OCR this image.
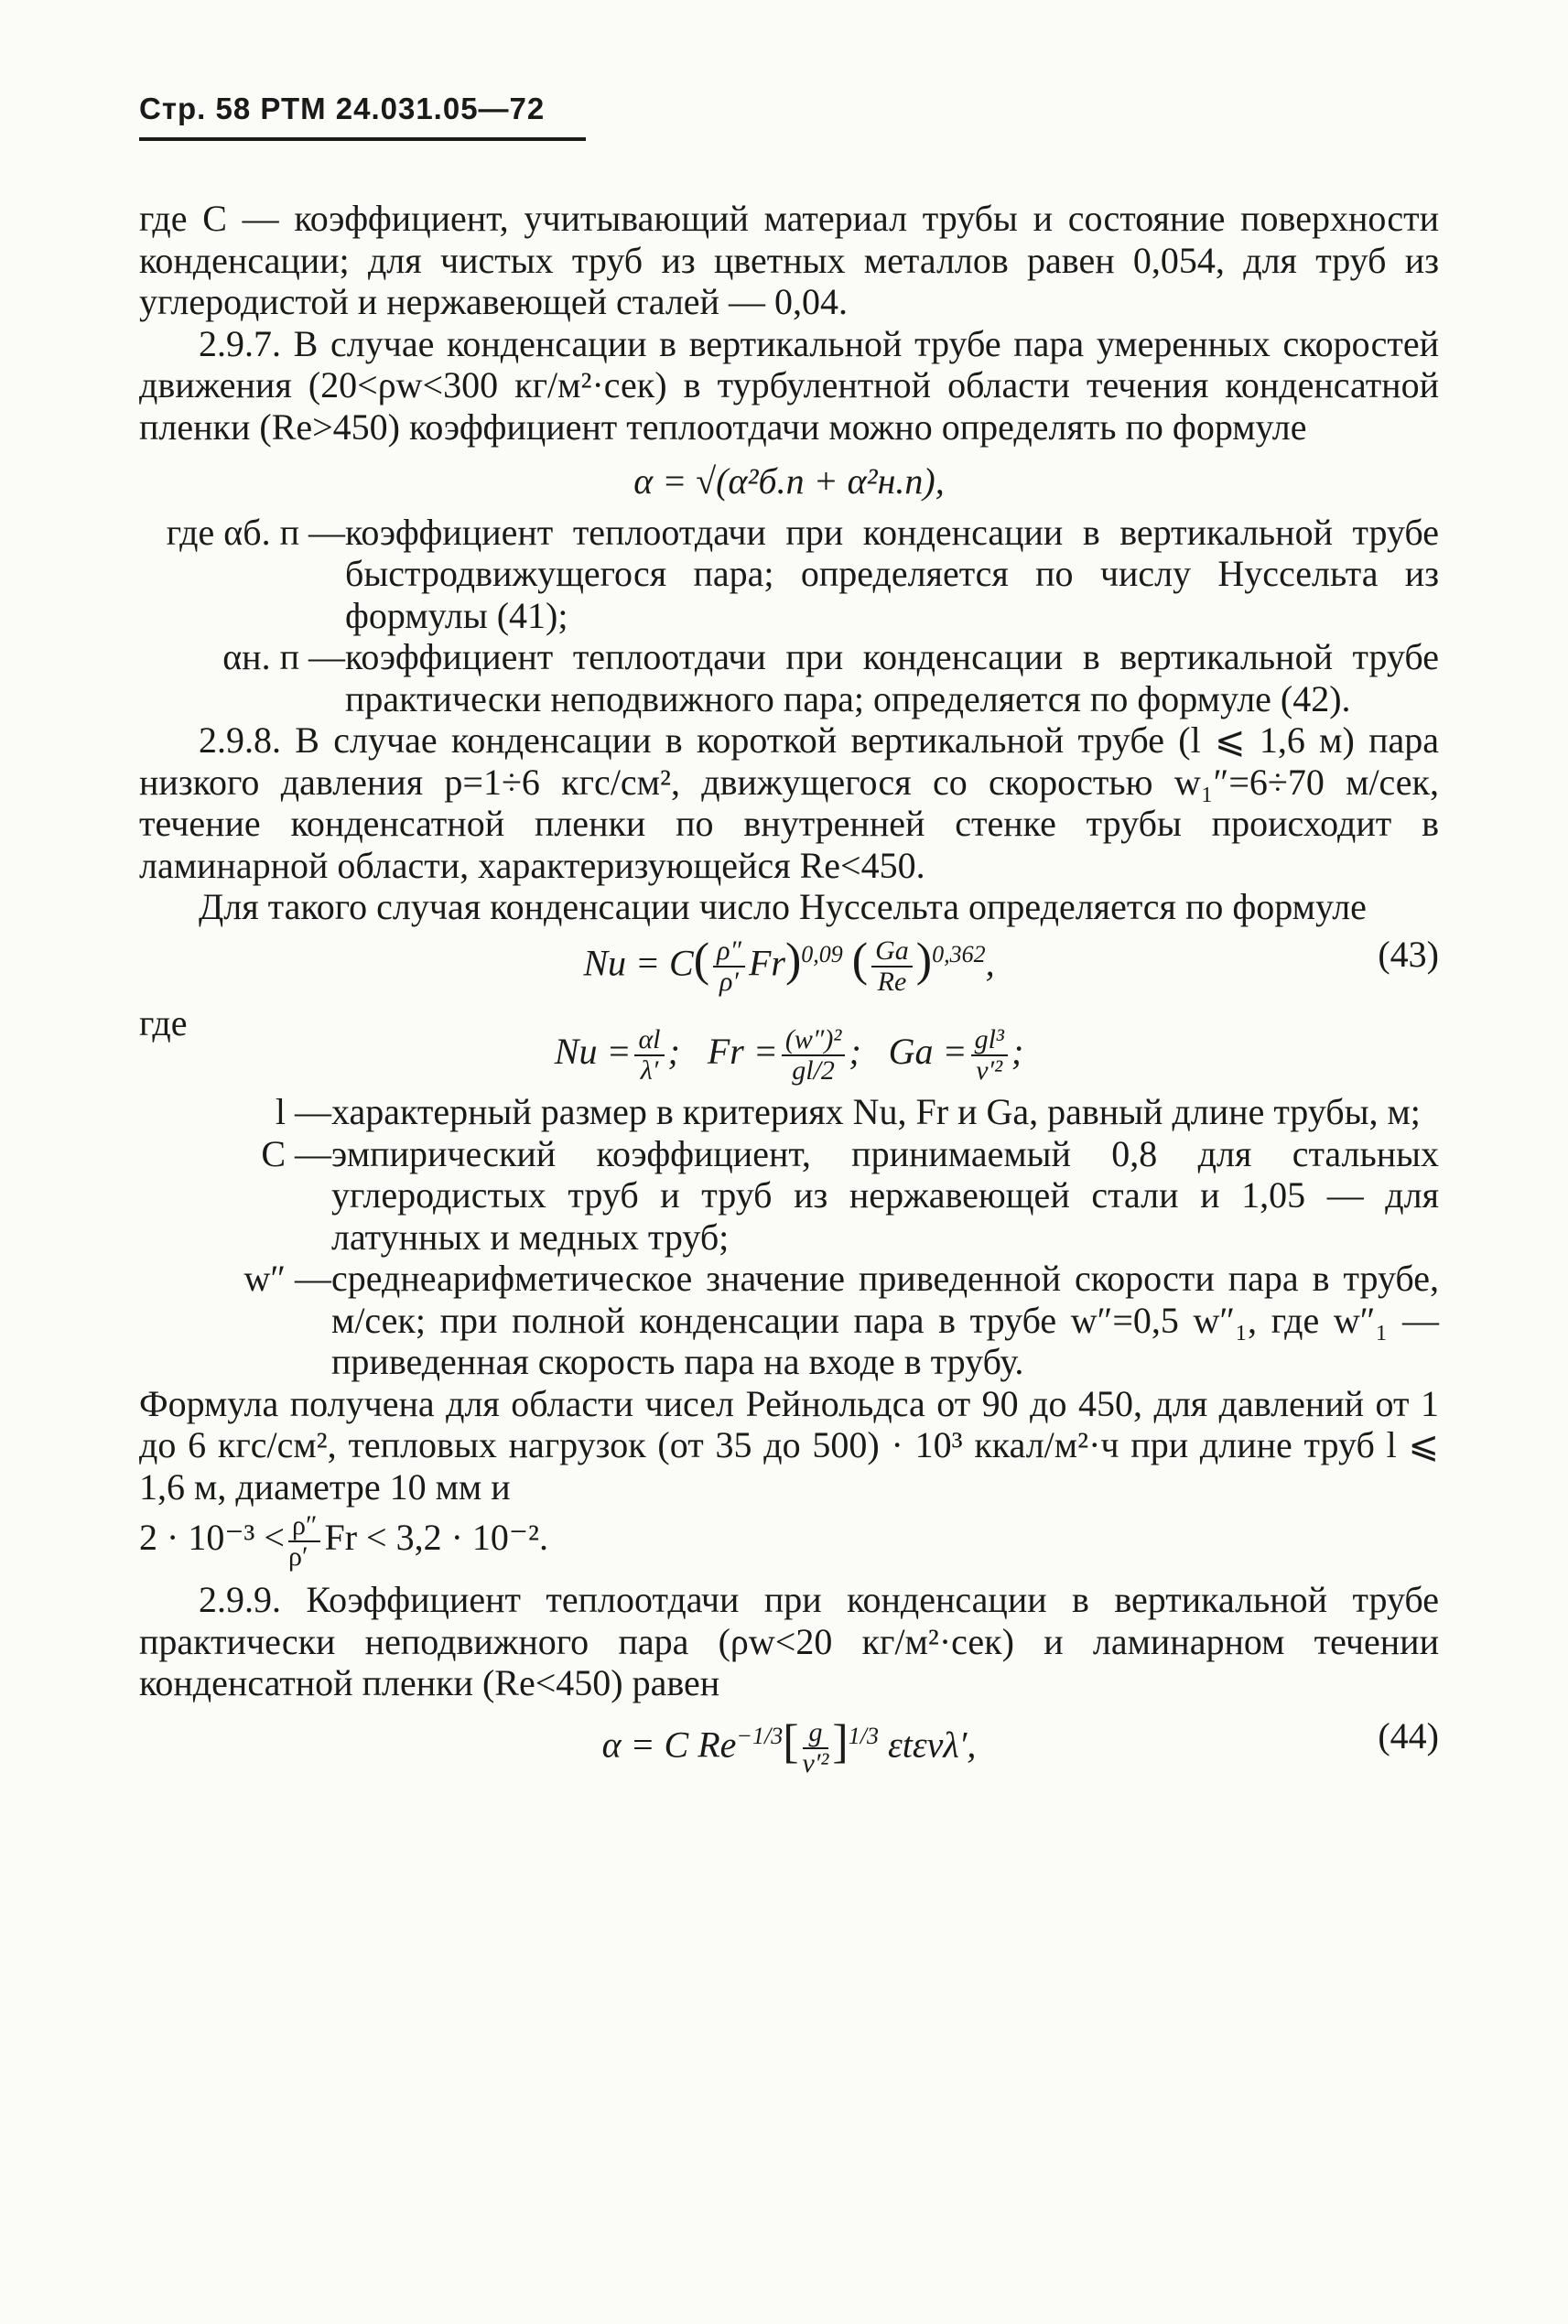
Стр. 58 РТМ 24.031.05—72

где C — коэффициент, учитывающий материал трубы и состояние поверхности конденсации; для чистых труб из цветных металлов равен 0,054, для труб из углеродистой и нержавеющей сталей — 0,04.

2.9.7. В случае конденсации в вертикальной трубе пара умеренных скоростей движения (20<ρw<300 кг/м²·сек) в турбулентной области течения конденсатной пленки (Re>450) коэффициент теплоотдачи можно определять по формуле

α = √(α²б.п + α²н.п),
где αб. п — коэффициент теплоотдачи при конденсации в вертикальной трубе быстродвижущегося пара; определяется по числу Нуссельта из формулы (41);
αн. п — коэффициент теплоотдачи при конденсации в вертикальной трубе практически неподвижного пара; определяется по формуле (42).

2.9.8. В случае конденсации в короткой вертикальной трубе (l ⩽ 1,6 м) пара низкого давления p=1÷6 кгс/см², движущегося со скоростью w₁″=6÷70 м/сек, течение конденсатной пленки по внутренней стенке трубы происходит в ламинарной области, характеризующейся Re<450.

Для такого случая конденсации число Нуссельта определяется по формуле

$Nu = C( \frac{\rho''}{\rho'} Fr)^{0,09}$ ( $\frac{Ga}{Re} )^{0,362}$,	(43)

где

$Nu = \frac{\alpha l}{\lambda'}$ ; $Fr = \frac{\text{(w″)²}}{gl/2}$ ; $Ga = \frac{\text{gl³}}{\text{ν′²}}$ ;
l — характерный размер в критериях Nu, Fr и Ga, равный длине трубы, м;
C — эмпирический коэффициент, принимаемый 0,8 для стальных углеродистых труб и труб из нержавеющей стали и 1,05 — для латунных и медных труб;
w″ — среднеарифметическое значение приведенной скорости пара в трубе, м/сек; при полной конденсации пара в трубе w″=0,5 w″₁, где w″₁ — приведенная скорость пара на входе в трубу.

Формула получена для области чисел Рейнольдса от 90 до 450, для давлений от 1 до 6 кгс/см², тепловых нагрузок (от 35 до 500) · 10³ ккал/м²·ч при длине труб l ⩽ 1,6 м, диаметре 10 мм и

$2 \cdot 10^{-3} < \frac{\rho''}{\rho'}$ Fr < 3,2 · 10⁻².

2.9.9. Коэффициент теплоотдачи при конденсации в вертикальной трубе практически неподвижного пара (ρw<20 кг/м²·сек) и ламинарном течении конденсатной пленки (Re<450) равен

α = C $Re^{-1/3}[ \frac{g}{\text{ν′²}} ]^{1/3}$ εtεvλ′,	(44)
